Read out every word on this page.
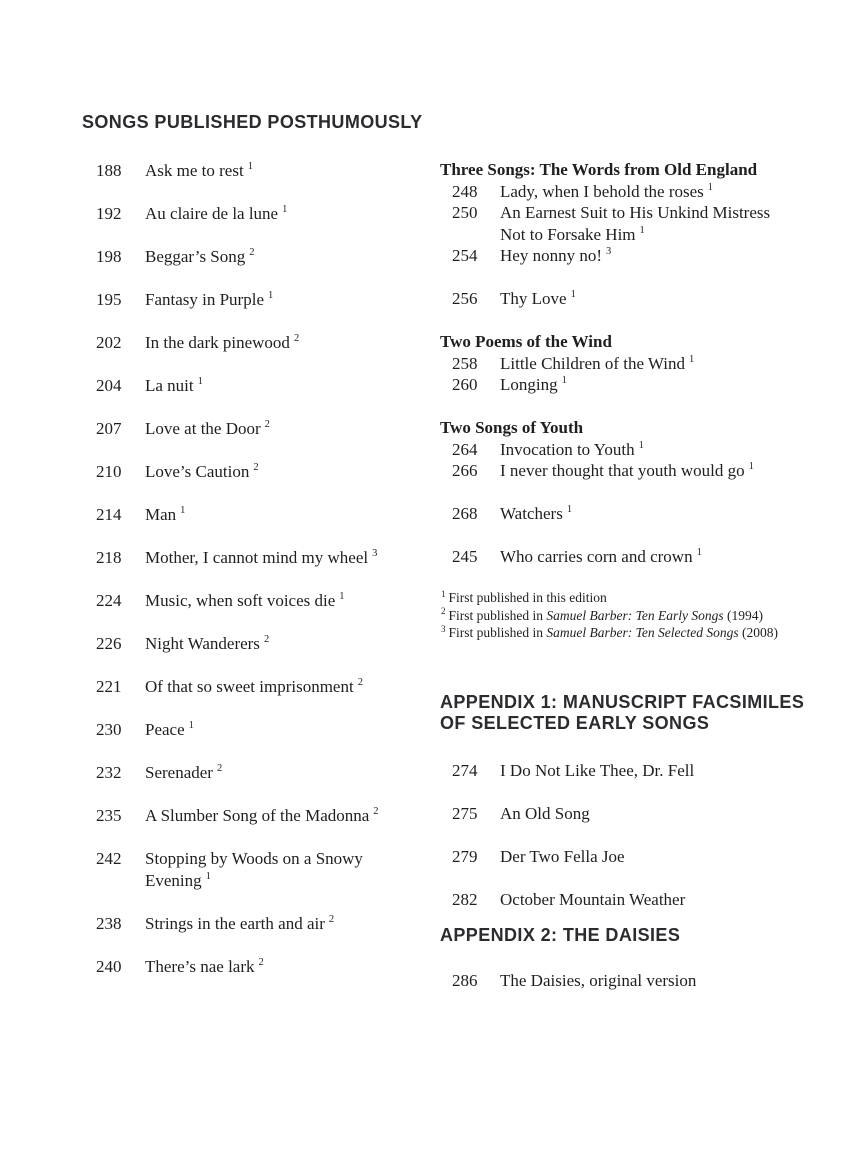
SONGS PUBLISHED POSTHUMOUSLY
188	Ask me to rest $^1$
192	Au claire de la lune $^1$
198	Beggar’s Song $^2$
195	Fantasy in Purple $^1$
202	In the dark pinewood $^2$
204	La nuit $^1$
207	Love at the Door $^2$
210	Love’s Caution $^2$
214	Man $^1$
218	Mother, I cannot mind my wheel $^3$
224	Music, when soft voices die $^1$
226	Night Wanderers $^2$
221	Of that so sweet imprisonment $^2$
230	Peace $^1$
232	Serenader $^2$
235	A Slumber Song of the Madonna $^2$
242	Stopping by Woods on a Snowy
Evening $^1$
238	Strings in the earth and air $^2$
240	There’s nae lark $^2$
Three Songs: The Words from Old England
248	Lady, when I behold the roses $^1$
250	An Earnest Suit to His Unkind Mistress
Not to Forsake Him $^1$
254	Hey nonny no! $^3$
256	Thy Love $^1$
Two Poems of the Wind
258	Little Children of the Wind $^1$
260	Longing $^1$
Two Songs of Youth
264	Invocation to Youth $^1$
266	I never thought that youth would go $^1$
268	Watchers $^1$
245	Who carries corn and crown $^1$
$^1$ First published in this edition
$^2$ First published in Samuel Barber: Ten Early Songs (1994)
$^3$ First published in Samuel Barber: Ten Selected Songs (2008)
APPENDIX 1: MANUSCRIPT FACSIMILES
OF SELECTED EARLY SONGS
274	I Do Not Like Thee, Dr. Fell
275	An Old Song
279	Der Two Fella Joe
282	October Mountain Weather
APPENDIX 2: THE DAISIES
286	The Daisies, original version
